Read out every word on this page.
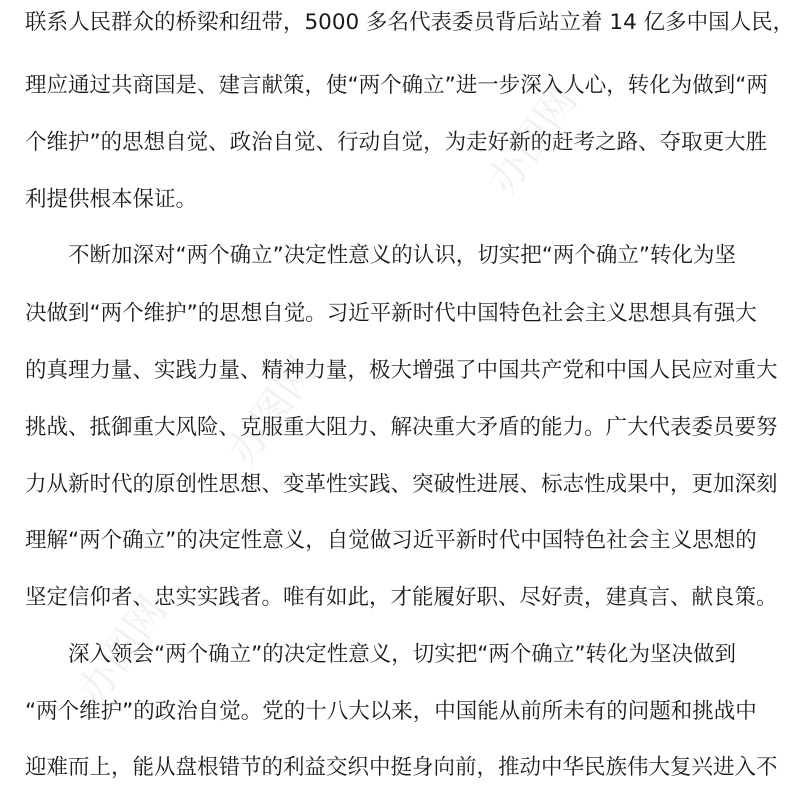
办图网
办图网
办图网
联系人民群众的桥梁和纽带，5000 多名代表委员背后站立着 14 亿多中国人民，
理应通过共商国是、建言献策，使“两个确立”进一步深入人心，转化为做到“两
个维护”的思想自觉、政治自觉、行动自觉，为走好新的赶考之路、夺取更大胜
利提供根本保证。
不断加深对“两个确立”决定性意义的认识，切实把“两个确立”转化为坚
决做到“两个维护”的思想自觉。习近平新时代中国特色社会主义思想具有强大
的真理力量、实践力量、精神力量，极大增强了中国共产党和中国人民应对重大
挑战、抵御重大风险、克服重大阻力、解决重大矛盾的能力。广大代表委员要努
力从新时代的原创性思想、变革性实践、突破性进展、标志性成果中，更加深刻
理解“两个确立”的决定性意义，自觉做习近平新时代中国特色社会主义思想的
坚定信仰者、忠实实践者。唯有如此，才能履好职、尽好责，建真言、献良策。
深入领会“两个确立”的决定性意义，切实把“两个确立”转化为坚决做到
“两个维护”的政治自觉。党的十八大以来，中国能从前所未有的问题和挑战中
迎难而上，能从盘根错节的利益交织中挺身向前，推动中华民族伟大复兴进入不
